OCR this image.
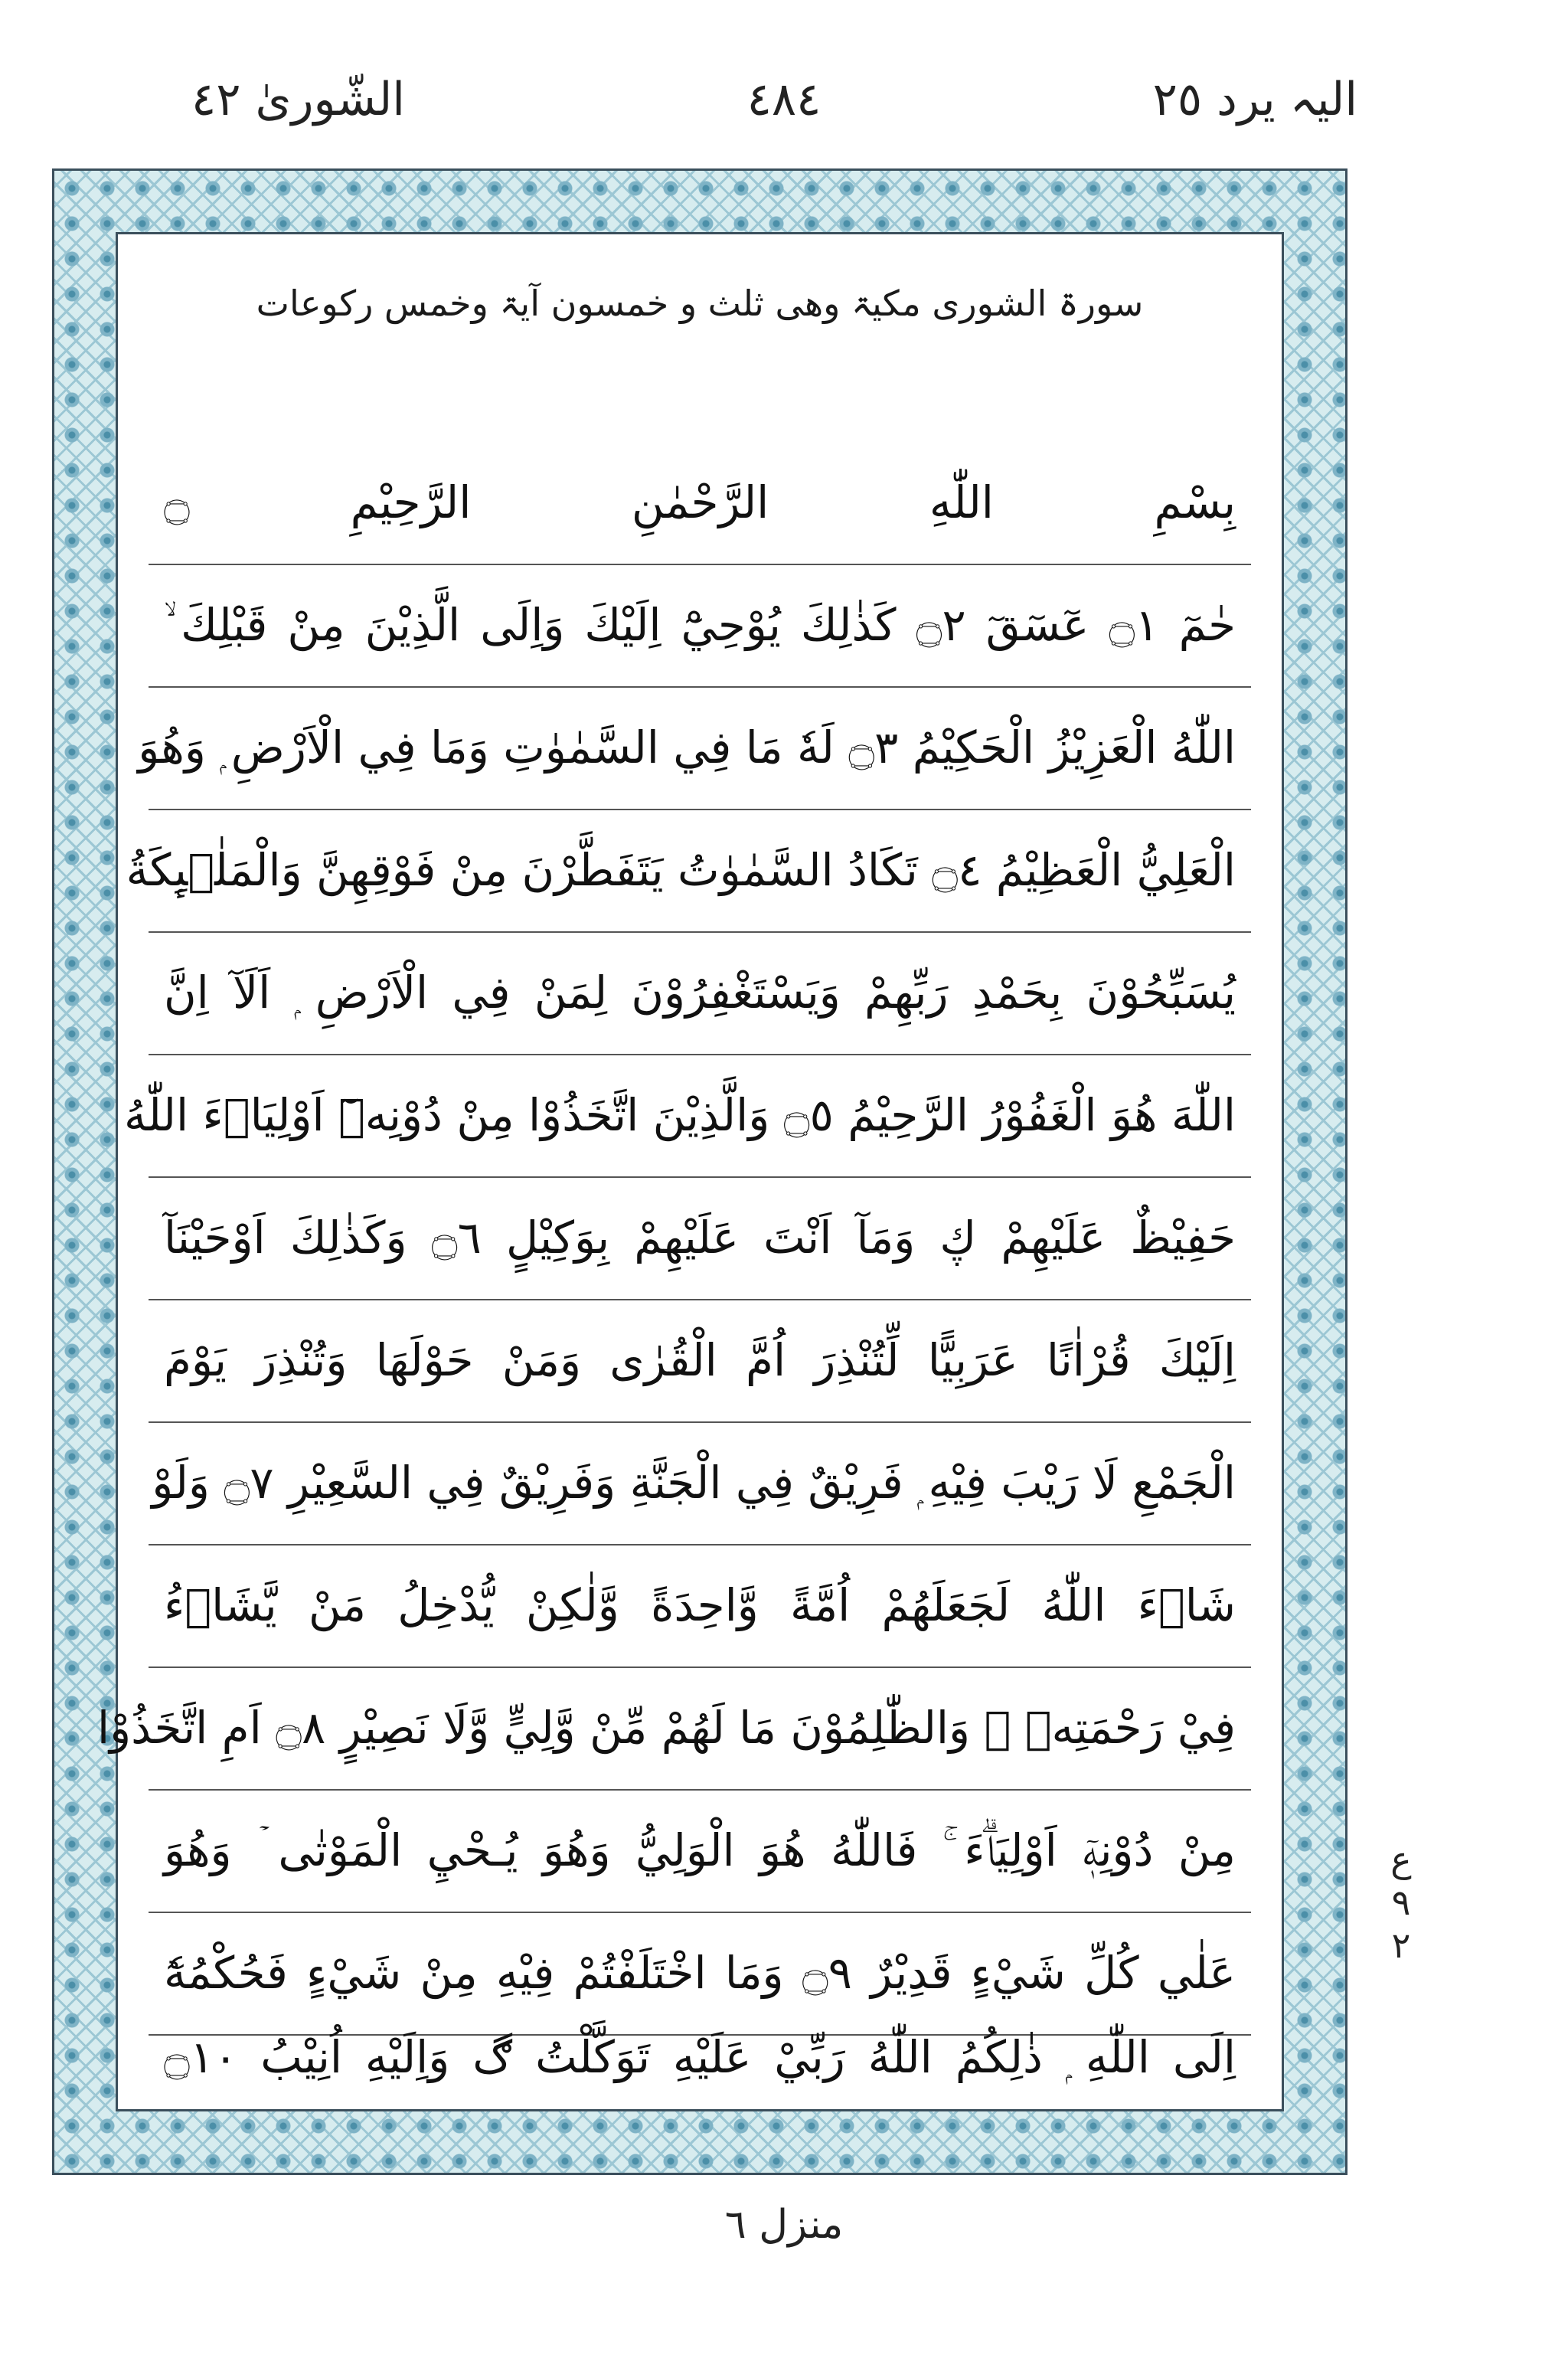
الیہ یرد ٢٥
٤٨٤
الشّوریٰ ٤٢
سورۃ الشوری مکیۃ وھی ثلث و خمسون آیۃ وخمس رکوعات
بِسْمِ اللّٰهِ الرَّحْمٰنِ الرَّحِيْمِ ۝
حٰمٓ ۝١ عٓسٓقٓ ۝٢ كَذٰلِكَ يُوْحِيْٓ اِلَيْكَ وَاِلَى الَّذِيْنَ مِنْ قَبْلِكَ ۙ
اللّٰهُ الْعَزِيْزُ الْحَكِيْمُ ۝٣ لَهٗ مَا فِي السَّمٰوٰتِ وَمَا فِي الْاَرْضِ ۭ وَهُوَ
الْعَلِيُّ الْعَظِيْمُ ۝٤ تَكَادُ السَّمٰوٰتُ يَتَفَطَّرْنَ مِنْ فَوْقِهِنَّ وَالْمَلٰۗىِٕكَةُ
يُسَبِّحُوْنَ بِحَمْدِ رَبِّهِمْ وَيَسْتَغْفِرُوْنَ لِمَنْ فِي الْاَرْضِ ۭ اَلَآ اِنَّ
اللّٰهَ هُوَ الْغَفُوْرُ الرَّحِيْمُ ۝٥ وَالَّذِيْنَ اتَّخَذُوْا مِنْ دُوْنِهٖٓ اَوْلِيَاۗءَ اللّٰهُ
حَفِيْظٌ عَلَيْهِمْ ڮ وَمَآ اَنْتَ عَلَيْهِمْ بِوَكِيْلٍ ۝٦ وَكَذٰلِكَ اَوْحَيْنَآ
اِلَيْكَ قُرْاٰنًا عَرَبِيًّا لِّتُنْذِرَ اُمَّ الْقُرٰى وَمَنْ حَوْلَهَا وَتُنْذِرَ يَوْمَ
الْجَمْعِ لَا رَيْبَ فِيْهِ ۭ فَرِيْقٌ فِي الْجَنَّةِ وَفَرِيْقٌ فِي السَّعِيْرِ ۝٧ وَلَوْ
شَاۗءَ اللّٰهُ لَجَعَلَهُمْ اُمَّةً وَّاحِدَةً وَّلٰكِنْ يُّدْخِلُ مَنْ يَّشَاۗءُ
فِيْ رَحْمَتِهٖ ۭ وَالظّٰلِمُوْنَ مَا لَهُمْ مِّنْ وَّلِيٍّ وَّلَا نَصِيْرٍ ۝٨ اَمِ اتَّخَذُوْا
مِنْ دُوْنِهٖٓ اَوْلِيَاۗءَ ۚ فَاللّٰهُ هُوَ الْوَلِيُّ وَهُوَ يُـحْيِ الْمَوْتٰى ۡ وَهُوَ
عَلٰي كُلِّ شَيْءٍ قَدِيْرٌ ۝٩ وَمَا اخْتَلَفْتُمْ فِيْهِ مِنْ شَيْءٍ فَحُكْمُهٗٓ
اِلَى اللّٰهِ ۭ ذٰلِكُمُ اللّٰهُ رَبِّيْ عَلَيْهِ تَوَكَّلْتُ ڰ وَاِلَيْهِ اُنِيْبُ ۝١٠
ع ٩ ٢
منزل ٦
